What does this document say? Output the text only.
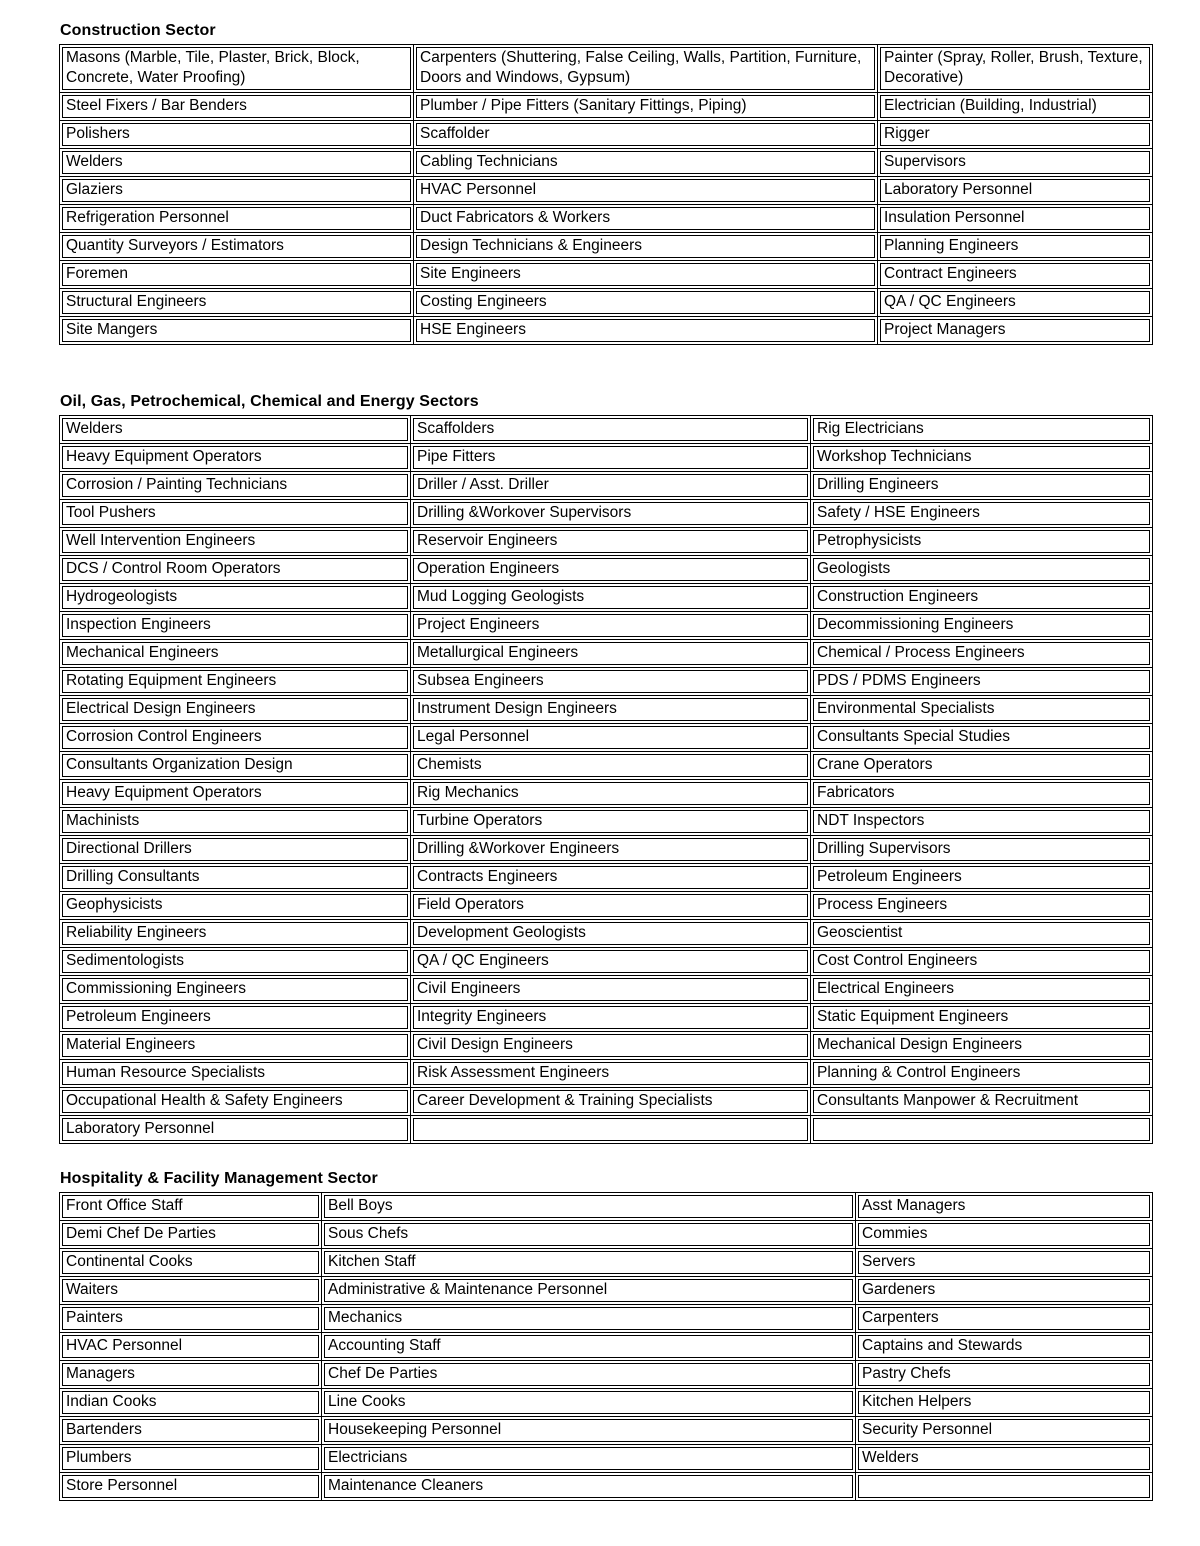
Construction Sector
Masons (Marble, Tile, Plaster, Brick, Block, Concrete, Water Proofing)	Carpenters (Shuttering, False Ceiling, Walls, Partition, Furniture, Doors and Windows, Gypsum)	Painter (Spray, Roller, Brush, Texture, Decorative)

Steel Fixers / Bar Benders	Plumber / Pipe Fitters (Sanitary Fittings, Piping)	Electrician (Building, Industrial)

Polishers	Scaffolder	Rigger

Welders	Cabling Technicians	Supervisors

Glaziers	HVAC Personnel	Laboratory Personnel

Refrigeration Personnel	Duct Fabricators & Workers	Insulation Personnel

Quantity Surveyors / Estimators	Design Technicians & Engineers	Planning Engineers

Foremen	Site Engineers	Contract Engineers

Structural Engineers	Costing Engineers	QA / QC Engineers

Site Mangers	HSE Engineers	Project Managers
Oil, Gas, Petrochemical, Chemical and Energy Sectors
Welders	Scaffolders	Rig Electricians

Heavy Equipment Operators	Pipe Fitters	Workshop Technicians

Corrosion / Painting Technicians	Driller / Asst. Driller	Drilling Engineers

Tool Pushers	Drilling &Workover Supervisors	Safety / HSE Engineers

Well Intervention Engineers	Reservoir Engineers	Petrophysicists

DCS / Control Room Operators	Operation Engineers	Geologists

Hydrogeologists	Mud Logging Geologists	Construction Engineers

Inspection Engineers	Project Engineers	Decommissioning Engineers

Mechanical Engineers	Metallurgical Engineers	Chemical / Process Engineers

Rotating Equipment Engineers	Subsea Engineers	PDS / PDMS Engineers

Electrical Design Engineers	Instrument Design Engineers	Environmental Specialists

Corrosion Control Engineers	Legal Personnel	Consultants Special Studies

Consultants Organization Design	Chemists	Crane Operators

Heavy Equipment Operators	Rig Mechanics	Fabricators

Machinists	Turbine Operators	NDT Inspectors

Directional Drillers	Drilling &Workover Engineers	Drilling Supervisors

Drilling Consultants	Contracts Engineers	Petroleum Engineers

Geophysicists	Field Operators	Process Engineers

Reliability Engineers	Development Geologists	Geoscientist

Sedimentologists	QA / QC Engineers	Cost Control Engineers

Commissioning Engineers	Civil Engineers	Electrical Engineers

Petroleum Engineers	Integrity Engineers	Static Equipment Engineers

Material Engineers	Civil Design Engineers	Mechanical Design Engineers

Human Resource Specialists	Risk Assessment Engineers	Planning & Control Engineers

Occupational Health & Safety Engineers	Career Development & Training Specialists	Consultants Manpower & Recruitment

Laboratory Personnel		

Hospitality & Facility Management Sector
Front Office Staff	Bell Boys	Asst Managers

Demi Chef De Parties	Sous Chefs	Commies

Continental Cooks	Kitchen Staff	Servers

Waiters	Administrative & Maintenance Personnel	Gardeners

Painters	Mechanics	Carpenters

HVAC Personnel	Accounting Staff	Captains and Stewards

Managers	Chef De Parties	Pastry Chefs

Indian Cooks	Line Cooks	Kitchen Helpers

Bartenders	Housekeeping Personnel	Security Personnel

Plumbers	Electricians	Welders

Store Personnel	Maintenance Cleaners	
